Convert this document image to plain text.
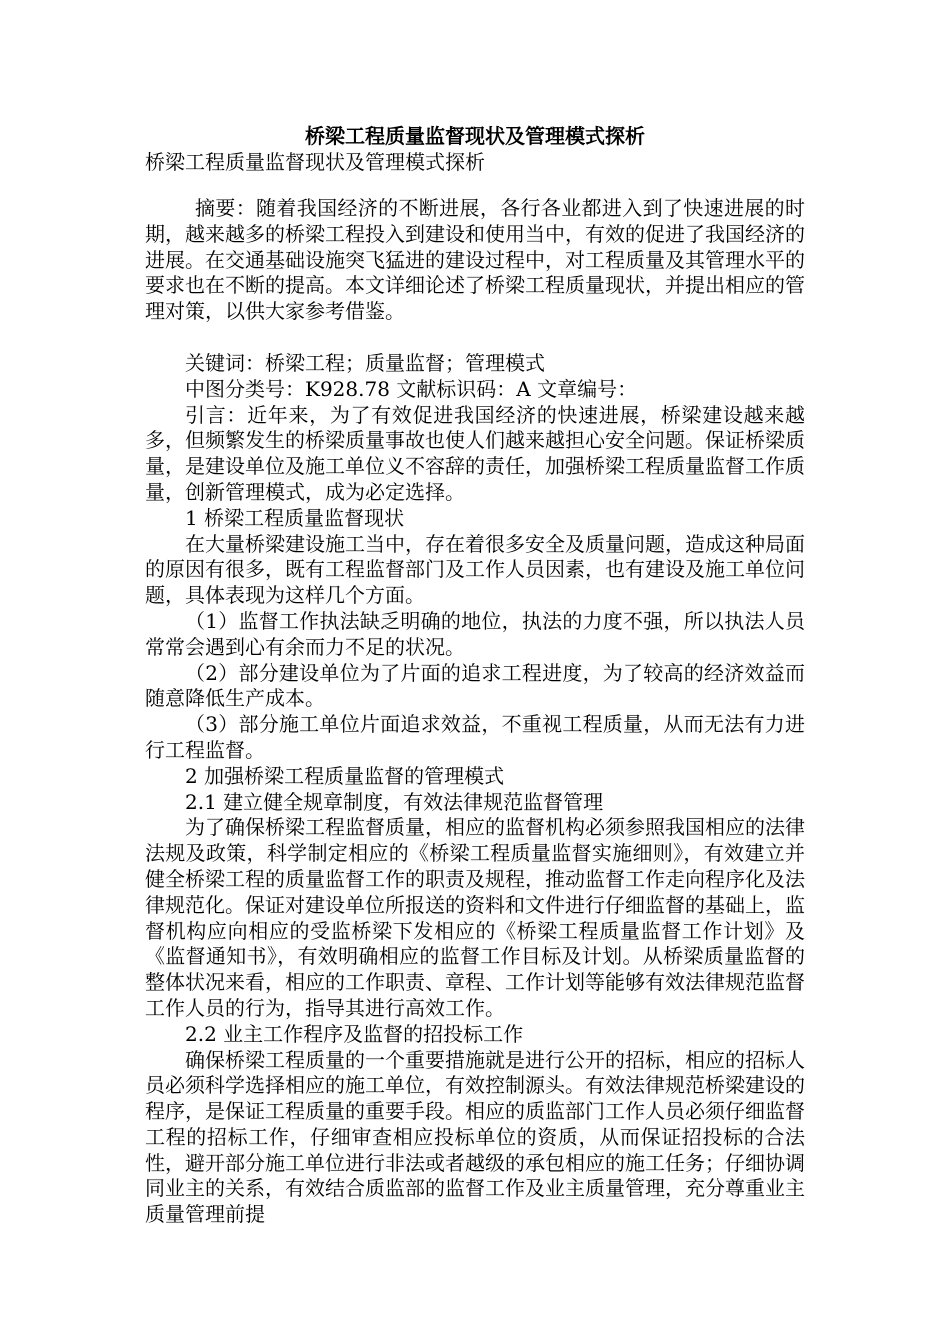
桥梁工程质量监督现状及管理模式探析
桥梁工程质量监督现状及管理模式探析

摘要：随着我国经济的不断进展，各行各业都进入到了快速进展的时期，越来越多的桥梁工程投入到建设和使用当中，有效的促进了我国经济的进展。在交通基础设施突飞猛进的建设过程中，对工程质量及其管理水平的要求也在不断的提高。本文详细论述了桥梁工程质量现状，并提出相应的管理对策，以供大家参考借鉴。

关键词：桥梁工程；质量监督；管理模式

中图分类号：K928.78 文献标识码：A 文章编号：

引言：近年来，为了有效促进我国经济的快速进展，桥梁建设越来越多，但频繁发生的桥梁质量事故也使人们越来越担心安全问题。保证桥梁质量，是建设单位及施工单位义不容辞的责任，加强桥梁工程质量监督工作质量，创新管理模式，成为必定选择。

1 桥梁工程质量监督现状

在大量桥梁建设施工当中，存在着很多安全及质量问题，造成这种局面的原因有很多，既有工程监督部门及工作人员因素，也有建设及施工单位问题，具体表现为这样几个方面。

（1）监督工作执法缺乏明确的地位，执法的力度不强，所以执法人员常常会遇到心有余而力不足的状况。

（2）部分建设单位为了片面的追求工程进度，为了较高的经济效益而随意降低生产成本。

（3）部分施工单位片面追求效益，不重视工程质量，从而无法有力进行工程监督。

2 加强桥梁工程质量监督的管理模式

2.1 建立健全规章制度，有效法律规范监督管理

为了确保桥梁工程监督质量，相应的监督机构必须参照我国相应的法律法规及政策，科学制定相应的《桥梁工程质量监督实施细则》，有效建立并健全桥梁工程的质量监督工作的职责及规程，推动监督工作走向程序化及法律规范化。保证对建设单位所报送的资料和文件进行仔细监督的基础上，监督机构应向相应的受监桥梁下发相应的《桥梁工程质量监督工作计划》及《监督通知书》，有效明确相应的监督工作目标及计划。从桥梁质量监督的整体状况来看，相应的工作职责、章程、工作计划等能够有效法律规范监督工作人员的行为，指导其进行高效工作。

2.2 业主工作程序及监督的招投标工作

确保桥梁工程质量的一个重要措施就是进行公开的招标，相应的招标人员必须科学选择相应的施工单位，有效控制源头。有效法律规范桥梁建设的程序，是保证工程质量的重要手段。相应的质监部门工作人员必须仔细监督工程的招标工作，仔细审查相应投标单位的资质，从而保证招投标的合法性，避开部分施工单位进行非法或者越级的承包相应的施工任务；仔细协调同业主的关系，有效结合质监部的监督工作及业主质量管理，充分尊重业主质量管理前提
